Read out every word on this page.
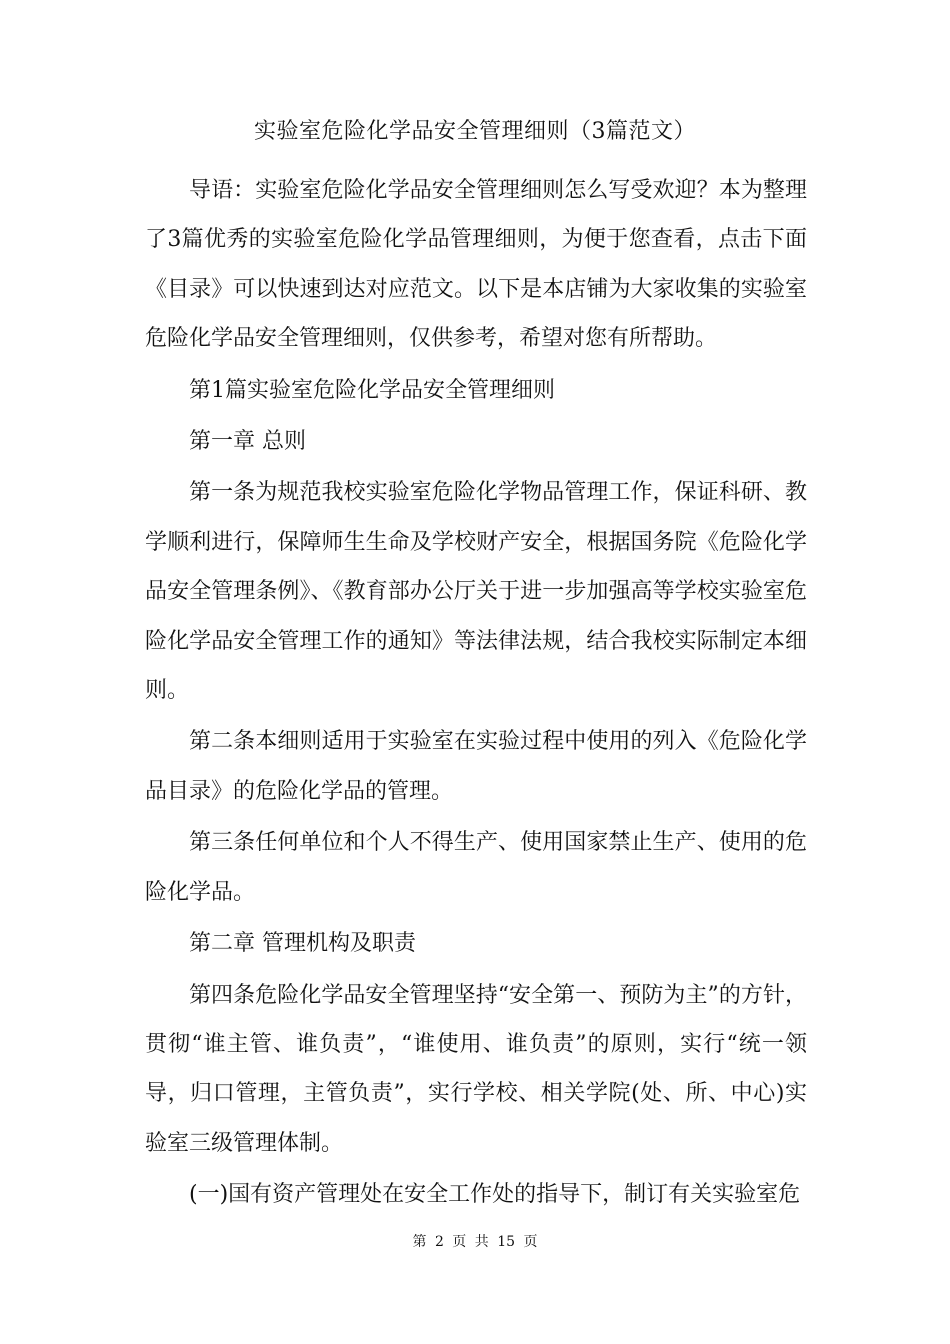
实验室危险化学品安全管理细则（3篇范文）

导语：实验室危险化学品安全管理细则怎么写受欢迎？本为整理了3篇优秀的实验室危险化学品管理细则，为便于您查看，点击下面《目录》可以快速到达对应范文。以下是本店铺为大家收集的实验室危险化学品安全管理细则，仅供参考，希望对您有所帮助。

第1篇实验室危险化学品安全管理细则

第一章 总则

第一条为规范我校实验室危险化学物品管理工作，保证科研、教学顺利进行，保障师生生命及学校财产安全，根据国务院《危险化学品安全管理条例》、《教育部办公厅关于进一步加强高等学校实验室危险化学品安全管理工作的通知》等法律法规，结合我校实际制定本细则。

第二条本细则适用于实验室在实验过程中使用的列入《危险化学品目录》的危险化学品的管理。

第三条任何单位和个人不得生产、使用国家禁止生产、使用的危险化学品。

第二章 管理机构及职责

第四条危险化学品安全管理坚持“安全第一、预防为主”的方针，贯彻“谁主管、谁负责”，“谁使用、谁负责”的原则，实行“统一领导，归口管理，主管负责”，实行学校、相关学院(处、所、中心)实验室三级管理体制。

(一)国有资产管理处在安全工作处的指导下，制订有关实验室危

第 2 页 共 15 页
